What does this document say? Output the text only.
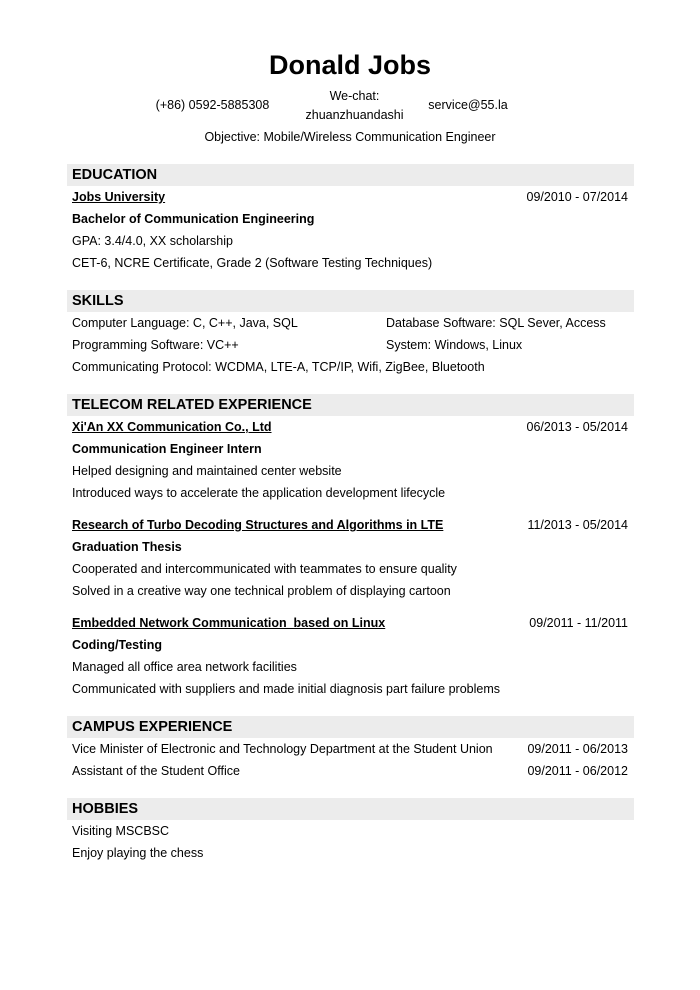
Donald Jobs
(+86) 0592-5885308
We-chat:
zhuanzhuandashi
service@55.la
Objective: Mobile/Wireless Communication Engineer
EDUCATION
Jobs University	09/2010 - 07/2014
Bachelor of Communication Engineering
GPA: 3.4/4.0, XX scholarship
CET-6, NCRE Certificate, Grade 2 (Software Testing Techniques)
SKILLS
Computer Language: C, C++, Java, SQL	Database Software: SQL Sever, Access
Programming Software: VC++	System: Windows, Linux
Communicating Protocol: WCDMA, LTE-A, TCP/IP, Wifi, ZigBee, Bluetooth
TELECOM RELATED EXPERIENCE
Xi'An XX Communication Co., Ltd	06/2013 - 05/2014
Communication Engineer Intern
Helped designing and maintained center website
Introduced ways to accelerate the application development lifecycle
Research of Turbo Decoding Structures and Algorithms in LTE	11/2013 - 05/2014
Graduation Thesis
Cooperated and intercommunicated with teammates to ensure quality
Solved in a creative way one technical problem of displaying cartoon
Embedded Network Communication  based on Linux	09/2011 - 11/2011
Coding/Testing
Managed all office area network facilities
Communicated with suppliers and made initial diagnosis part failure problems
CAMPUS EXPERIENCE
Vice Minister of Electronic and Technology Department at the Student Union	09/2011 - 06/2013
Assistant of the Student Office	09/2011 - 06/2012
HOBBIES
Visiting MSCBSC
Enjoy playing the chess
